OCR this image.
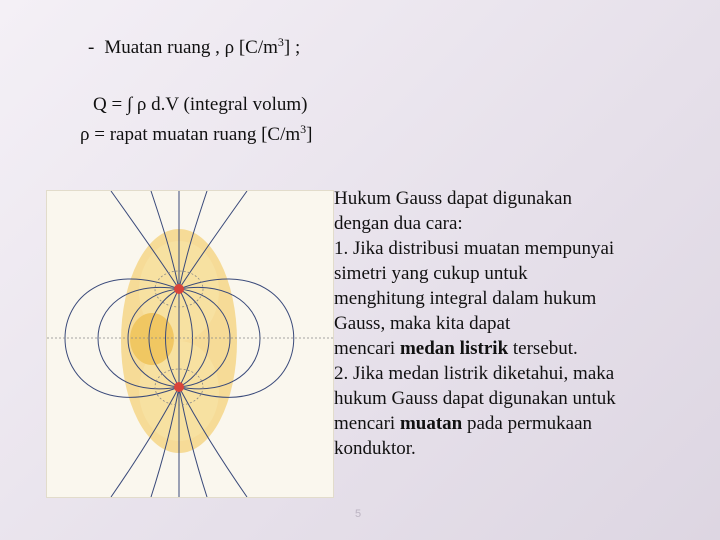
- Muatan ruang , ρ $[C/m^3]$ ;
Q = ∫ ρ d.V (integral volum)
ρ = rapat muatan ruang $[C/m^3]$
Hukum Gauss dapat digunakan
dengan dua cara:
1. Jika distribusi muatan mempunyai
simetri yang cukup untuk
menghitung integral dalam hukum
Gauss, maka kita dapat
mencari medan listrik tersebut.
2. Jika medan listrik diketahui, maka
hukum Gauss dapat digunakan untuk
mencari muatan pada permukaan
konduktor.
5
